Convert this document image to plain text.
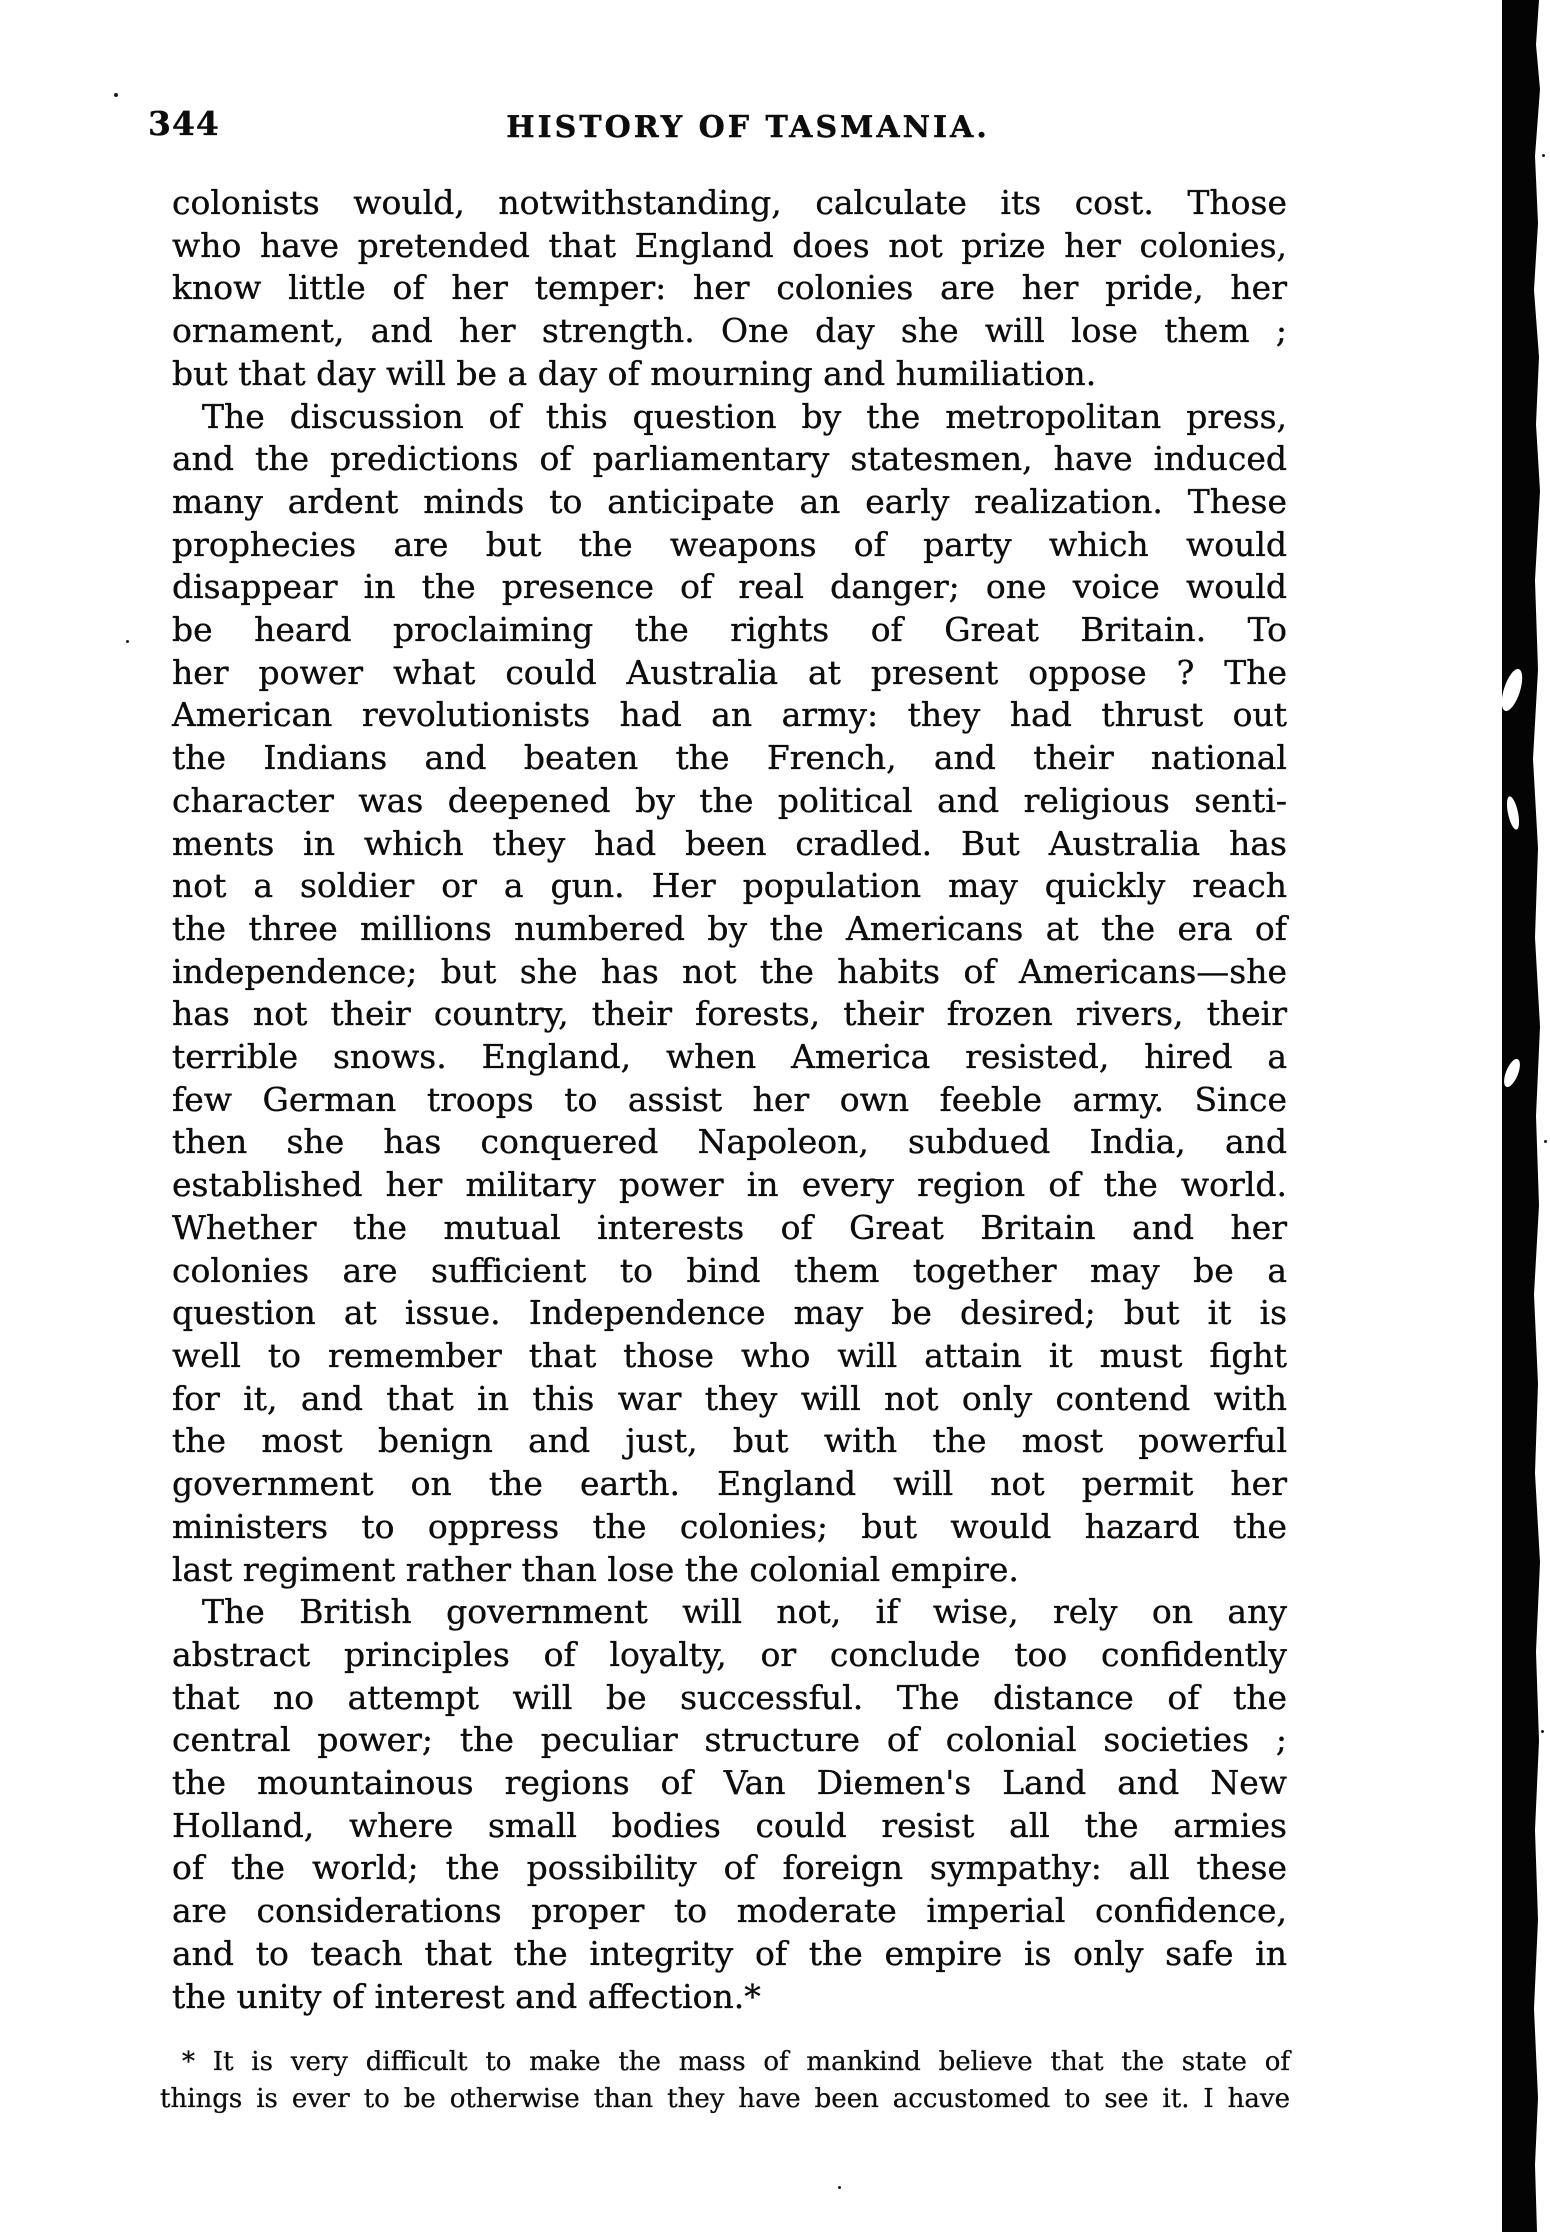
344	HISTORY OF TASMANIA.
colonists would, notwithstanding, calculate its cost. Those
who have pretended that England does not prize her colonies,
know little of her temper: her colonies are her pride, her
ornament, and her strength. One day she will lose them ;
but that day will be a day of mourning and humiliation.
The discussion of this question by the metropolitan press,
and the predictions of parliamentary statesmen, have induced
many ardent minds to anticipate an early realization. These
prophecies are but the weapons of party which would
disappear in the presence of real danger; one voice would
be heard proclaiming the rights of Great Britain. To
her power what could Australia at present oppose ? The
American revolutionists had an army: they had thrust out
the Indians and beaten the French, and their national
character was deepened by the political and religious senti-
ments in which they had been cradled. But Australia has
not a soldier or a gun. Her population may quickly reach
the three millions numbered by the Americans at the era of
independence; but she has not the habits of Americans—she
has not their country, their forests, their frozen rivers, their
terrible snows. England, when America resisted, hired a
few German troops to assist her own feeble army. Since
then she has conquered Napoleon, subdued India, and
established her military power in every region of the world.
Whether the mutual interests of Great Britain and her
colonies are sufficient to bind them together may be a
question at issue. Independence may be desired; but it is
well to remember that those who will attain it must fight
for it, and that in this war they will not only contend with
the most benign and just, but with the most powerful
government on the earth. England will not permit her
ministers to oppress the colonies; but would hazard the
last regiment rather than lose the colonial empire.
The British government will not, if wise, rely on any
abstract principles of loyalty, or conclude too confidently
that no attempt will be successful. The distance of the
central power; the peculiar structure of colonial societies ;
the mountainous regions of Van Diemen's Land and New
Holland, where small bodies could resist all the armies
of the world; the possibility of foreign sympathy: all these
are considerations proper to moderate imperial confidence,
and to teach that the integrity of the empire is only safe in
the unity of interest and affection.*
* It is very difficult to make the mass of mankind believe that the state of
things is ever to be otherwise than they have been accustomed to see it. I have
